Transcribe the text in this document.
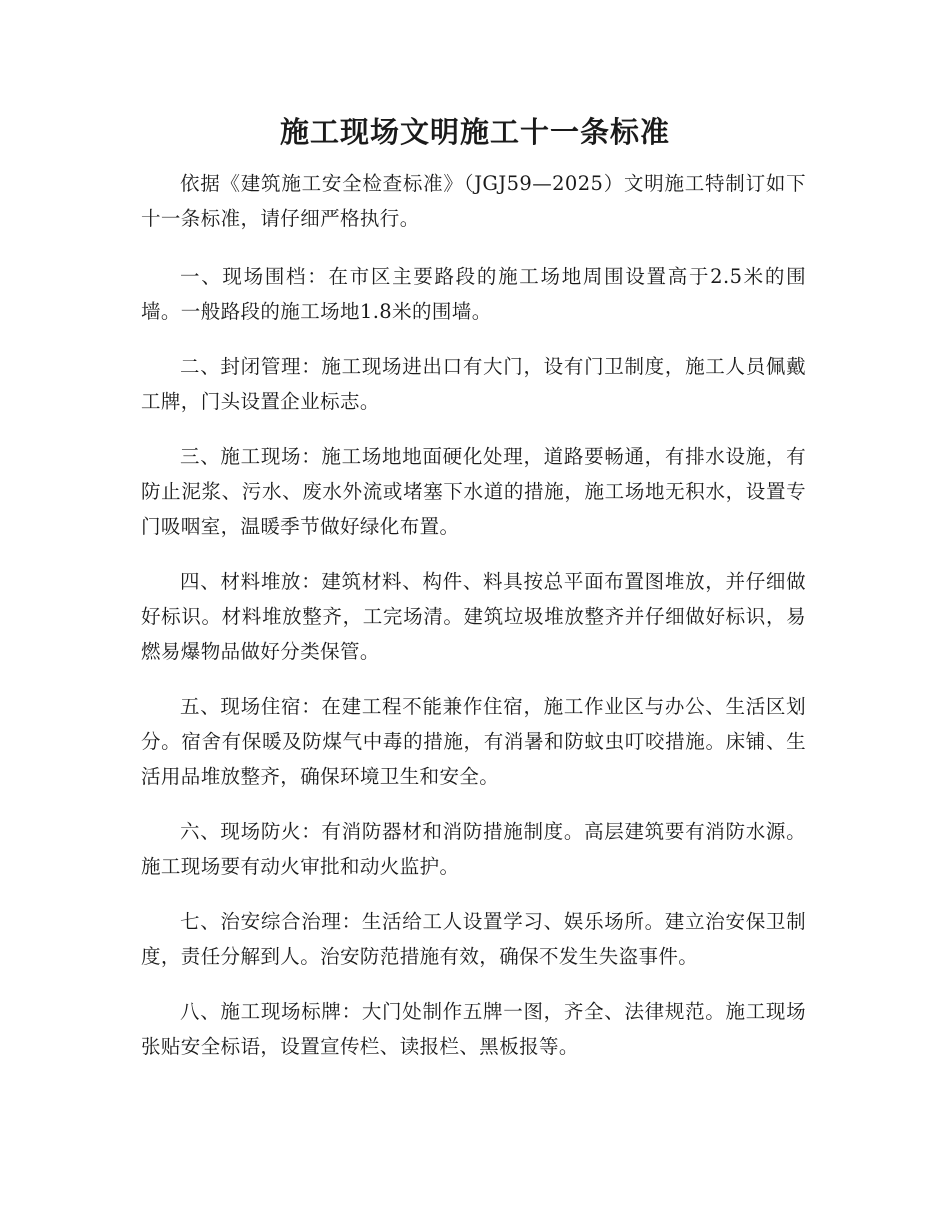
施工现场文明施工十一条标准

依据《建筑施工安全检查标准》（JGJ59—2025）文明施工特制订如下十一条标准，请仔细严格执行。

一、现场围档：在市区主要路段的施工场地周围设置高于2.5米的围墙。一般路段的施工场地1.8米的围墙。

二、封闭管理：施工现场进出口有大门，设有门卫制度，施工人员佩戴工牌，门头设置企业标志。

三、施工现场：施工场地地面硬化处理，道路要畅通，有排水设施，有防止泥浆、污水、废水外流或堵塞下水道的措施，施工场地无积水，设置专门吸咽室，温暖季节做好绿化布置。

四、材料堆放：建筑材料、构件、料具按总平面布置图堆放，并仔细做好标识。材料堆放整齐，工完场清。建筑垃圾堆放整齐并仔细做好标识，易燃易爆物品做好分类保管。

五、现场住宿：在建工程不能兼作住宿，施工作业区与办公、生活区划分。宿舍有保暖及防煤气中毒的措施，有消暑和防蚊虫叮咬措施。床铺、生活用品堆放整齐，确保环境卫生和安全。

六、现场防火：有消防器材和消防措施制度。高层建筑要有消防水源。施工现场要有动火审批和动火监护。

七、治安综合治理：生活给工人设置学习、娱乐场所。建立治安保卫制度，责任分解到人。治安防范措施有效，确保不发生失盗事件。

八、施工现场标牌：大门处制作五牌一图，齐全、法律规范。施工现场张贴安全标语，设置宣传栏、读报栏、黑板报等。
